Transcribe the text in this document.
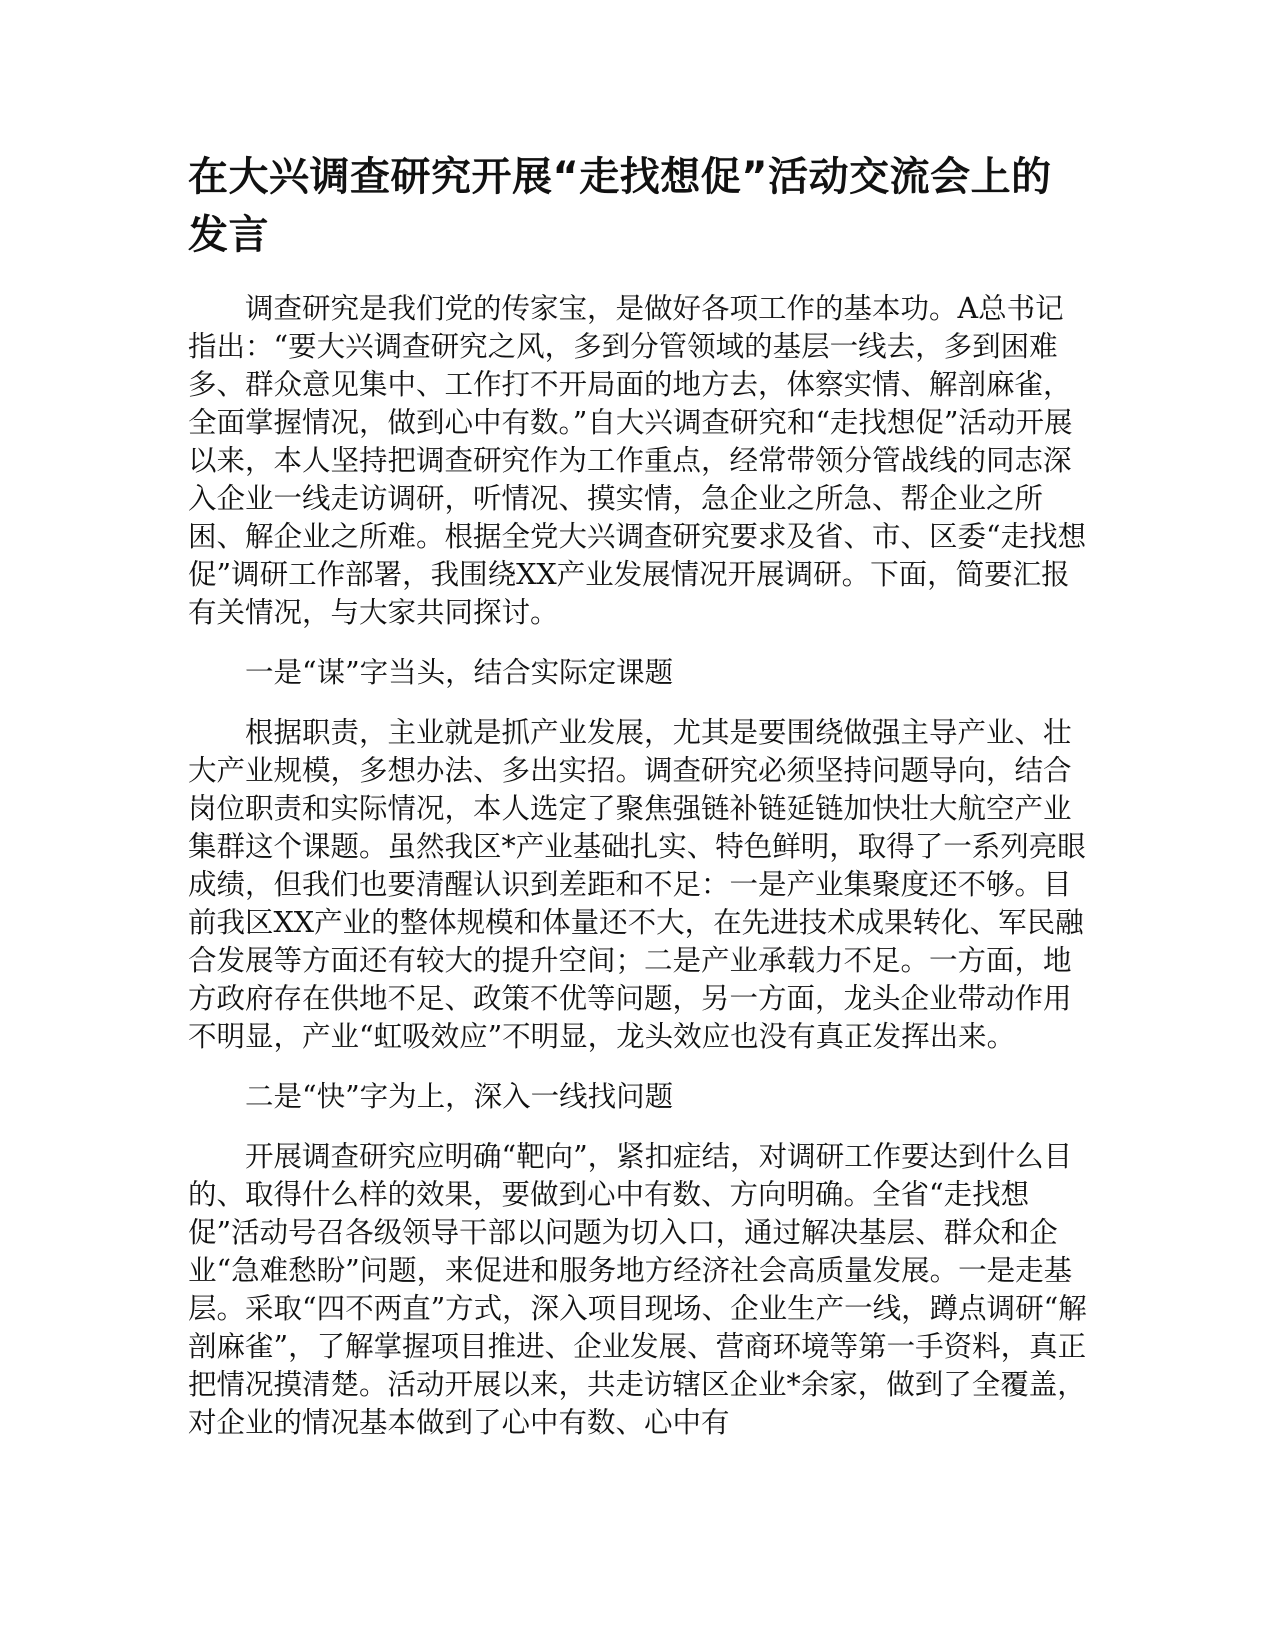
在大兴调查研究开展“走找想促”活动交流会上的发言

调查研究是我们党的传家宝，是做好各项工作的基本功。A总书记指出：“要大兴调查研究之风，多到分管领域的基层一线去，多到困难多、群众意见集中、工作打不开局面的地方去，体察实情、解剖麻雀，全面掌握情况，做到心中有数。”自大兴调查研究和“走找想促”活动开展以来，本人坚持把调查研究作为工作重点，经常带领分管战线的同志深入企业一线走访调研，听情况、摸实情，急企业之所急、帮企业之所困、解企业之所难。根据全党大兴调查研究要求及省、市、区委“走找想促”调研工作部署，我围绕XX产业发展情况开展调研。下面，简要汇报有关情况，与大家共同探讨。

一是“谋”字当头，结合实际定课题

根据职责，主业就是抓产业发展，尤其是要围绕做强主导产业、壮大产业规模，多想办法、多出实招。调查研究必须坚持问题导向，结合岗位职责和实际情况，本人选定了聚焦强链补链延链加快壮大航空产业集群这个课题。虽然我区*产业基础扎实、特色鲜明，取得了一系列亮眼成绩，但我们也要清醒认识到差距和不足：一是产业集聚度还不够。目前我区XX产业的整体规模和体量还不大，在先进技术成果转化、军民融合发展等方面还有较大的提升空间；二是产业承载力不足。一方面，地方政府存在供地不足、政策不优等问题，另一方面，龙头企业带动作用不明显，产业“虹吸效应”不明显，龙头效应也没有真正发挥出来。

二是“快”字为上，深入一线找问题

开展调查研究应明确“靶向”，紧扣症结，对调研工作要达到什么目的、取得什么样的效果，要做到心中有数、方向明确。全省“走找想促”活动号召各级领导干部以问题为切入口，通过解决基层、群众和企业“急难愁盼”问题，来促进和服务地方经济社会高质量发展。一是走基层。采取“四不两直”方式，深入项目现场、企业生产一线，蹲点调研“解剖麻雀”，了解掌握项目推进、企业发展、营商环境等第一手资料，真正把情况摸清楚。活动开展以来，共走访辖区企业*余家，做到了全覆盖，对企业的情况基本做到了心中有数、心中有
